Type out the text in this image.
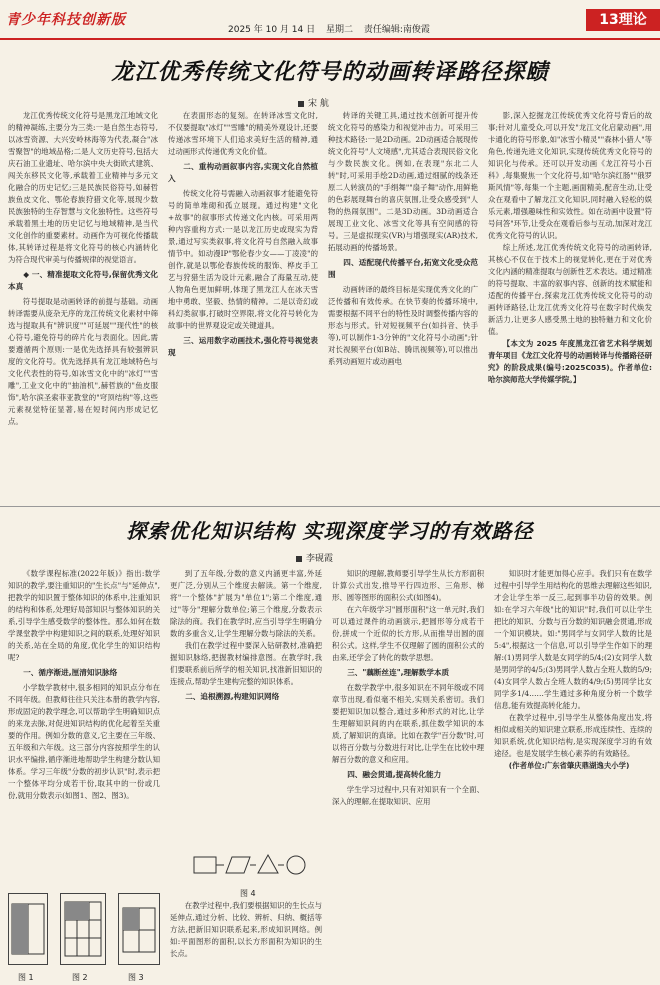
青少年科技创新版
2025 年 10 月 14 日 星期二 责任编辑:南俊霞
13理论
龙江优秀传统文化符号的动画转译路径探赜
宋 航

龙江优秀传统文化符号是黑龙江地域文化的精神凝练,主要分为三类:一是自然生态符号,以冰雪资源、大兴安岭林海等为代表,凝合"冰雪聚智"的地域品格;二是人文历史符号,包括大庆石油工业遗址、哈尔滨中央大街欧式建筑、闯关东移民文化等,承载着工业精神与多元文化融合的历史记忆;三是民族民俗符号,如赫哲族鱼皮文化、鄂伦春族狩猎文化等,展现少数民族独特的生存智慧与文化独特性。这些符号承载着黑土地的历史记忆与地域精神,是当代文化创作的重要素材。动画作为可视化传播载体,其转译过程是将文化符号的核心内涵转化为符合现代审美与传播规律的视觉语言。

◆ 一、精准提取文化符号,保留优秀文化本真

符号提取是动画转译的前提与基础。动画转译需要从庞杂无序的龙江传统文化素材中筛选与提取具有"辨识度""可延展""现代性"的核心符号,避免符号的碎片化与表面化。因此,需要遵循两个原则:一是优先选择具有较强辨识度的文化符号。优先选择具有龙江地域特色与文化代表性的符号,如冰雪文化中的"冰灯""雪雕",工业文化中的"抽油机",赫哲族的"鱼皮服饰",哈尔滨圣索菲亚教堂的"穹顶结构"等,这些元素视觉特征显著,易在短时间内形成记忆点。

在表面形态的复刻。在转译冰雪文化时,不仅要提取"冰灯""雪雕"的精美外观设计,还要传递冰雪环境下人们追求美好生活的精神,通过动画形式传递优秀文化价值。

二、重构动画叙事内容,实现文化自然植入

传统文化符号需融入动画叙事才能避免符号的简单堆砌和孤立展现。通过构建"文化+故事"的叙事形式传递文化内核。可采用两种内容重构方式:一是以龙江历史或现实为背景,通过写实类叙事,将文化符号自然融入故事情节中。如动漫IP"鄂伦春少女——丁凌凌"的创作,就是以鄂伦春族传统的服饰、桦皮手工艺与狩猎生活为设计元素,融合了海量互动,使人物角色更加鲜明,体现了黑龙江人在冰天雪地中勇敢、坚毅、热情的精神。二是以奇幻或科幻类叙事,打破时空界限,将文化符号转化为故事中的世界观设定或关键道具。

三、运用数字动画技术,强化符号视觉表现

转译的关键工具,通过技术创新可提升传统文化符号的感染力和视觉冲击力。可采用三种技术路径:一是2D动画。2D动画适合展现传统文化符号"人文境感",尤其适合表现民俗文化与少数民族文化。例如,在表现"东北二人转"时,可采用手绘2D动画,通过细腻的线条还原二人转演员的"手绢舞""扇子舞"动作,用鲜艳的色彩展现舞台的喜庆氛围,让受众感受到"人物的热闹氛围"。二是3D动画。3D动画适合展现工业文化、冰雪文化等具有空间感的符号。三是虚拟现实(VR)与增强现实(AR)技术,拓展动画的传播场景。

四、适配现代传播平台,拓宽文化受众范围

动画转译的最终目标是实现优秀文化的广泛传播和有效传承。在快节奏的传播环境中,需要根据不同平台的特性及时调整传播内容的形态与形式。针对短视频平台(如抖音、快手等),可以制作1-3分钟的"文化符号小动画";针对长视频平台(如B站、腾讯视频等),可以推出系列动画短片或动画电

影,深入挖掘龙江传统优秀文化符号背后的故事;针对儿童受众,可以开发"龙江文化启蒙动画",用卡通化的符号形象,如"冰雪小精灵""森林小猎人"等角色,传递先进文化知识,实现传统优秀文化符号的知识化与传承。还可以开发动画《龙江符号小百科》,每集聚焦一个文化符号,如"哈尔滨红肠""俄罗斯风情"等,每集一个主题,画面精美,配音生动,让受众在观看中了解龙江文化知识,同时融入轻松的娱乐元素,增强趣味性和实效性。如在动画中设置"符号问答"环节,让受众在观看后参与互动,加深对龙江优秀文化符号的认识。

综上所述,龙江优秀传统文化符号的动画转译,其核心不仅在于技术上的视觉转化,更在于对优秀文化内涵的精准提取与创新性艺术表达。通过精准的符号提取、丰富的叙事内容、创新的技术赋能和适配的传播平台,探索龙江优秀传统文化符号的动画转译路径,让龙江优秀文化符号在数字时代焕发新活力,让更多人感受黑土地的独特魅力和文化价值。

【本文为 2025 年度黑龙江省艺术科学规划青年项目《龙江文化符号的动画转译与传播路径研究》的阶段成果(编号:2025C035)。作者单位:哈尔滨师范大学传媒学院。】

探索优化知识结构 实现深度学习的有效路径
李砚霞

《数学课程标准(2022年版)》指出:数学知识的教学,要注重知识的"生长点"与"延伸点",把教学的知识置于整体知识的体系中,注重知识的结构和体系,处理好局部知识与整体知识的关系,引导学生感受数学的整体性。那么如何在数学课堂教学中构建知识之间的联系,处理好知识的关系,站在全局的角度,优化学生的知识结构呢?

一、循序渐进,厘清知识脉络

小学数学教材中,很多相同的知识点分布在不同年级。但教师往往只关注本册的教学内容,形成固定的教学理念,可以帮助学生明确知识点的来龙去脉,对促进知识结构的优化起着至关重要的作用。例如分数的意义,它主要在三年级、五年级和六年级。这三部分内容按照学生的认识水平编排,循序渐进地帮助学生构建分数认知体系。学习三年级"分数的初步认识"时,表示把一个整体平均分成若干份,取其中的一份或几份,就用分数表示(如图1、图2、图3)。

图 1	图 2	图 3

到了五年级,分数的意义内涵更丰富,外延更广泛,分别从三个维度去解读。第一个维度,将"一个整体"扩展为"单位1";第二个维度,通过"等分"理解分数单位;第三个维度,分数表示除法的商。我们在教学时,应当引导学生明确分数的多重含义,让学生理解分数与除法的关系。

我们在教学过程中要深入钻研教材,准确把握知识脉络,把握教材编排意图。在教学时,我们要联系前后所学的相关知识,找准新旧知识的连接点,帮助学生建构完整的知识体系。

二、追根溯源,构建知识网络
图 4

在教学过程中,我们要根据知识的生长点与延伸点,通过分析、比较、辨析、归纳、概括等方法,把新旧知识联系起来,形成知识网络。例如:平面图形的面积,以长方形面积为知识的生长点。

知识的理解,教师要引导学生从长方形面积计算公式出发,推导平行四边形、三角形、梯形、圆等图形的面积公式(如图4)。

在六年级学习"圆形面积"这一单元时,我们可以通过课件的动画演示,把圆形等分成若干份,拼成一个近似的长方形,从而推导出圆的面积公式。这样,学生不仅理解了圆的面积公式的由来,还学会了转化的数学思想。

三、"藕断丝连",理解数学本质

在数学教学中,很多知识在不同年级或不同章节出现,看似毫不相关,实则关系密切。我们要把知识加以整合,通过多种形式的对比,让学生理解知识间的内在联系,抓住数学知识的本质,了解知识的真谛。比如在教学"百分数"时,可以将百分数与分数进行对比,让学生在比较中理解百分数的意义和应用。

四、融会贯通,提高转化能力

学生学习过程中,只有对知识有一个全面、深入的理解,在提取知识、应用

知识时才能更加得心应手。我们只有在数学过程中引导学生用结构化的思维去理解这些知识,才会让学生举一反三,起到事半功倍的效果。例如:在学习六年级"比的知识"时,我们可以让学生把比的知识、分数与百分数的知识融会贯通,形成一个知识模块。如:"男同学与女同学人数的比是5:4",根据这一个信息,可以引导学生作如下的理解:(1)男同学人数是女同学的5/4;(2)女同学人数是男同学的4/5;(3)男同学人数占全班人数的5/9;(4)女同学人数占全班人数的4/9;(5)男同学比女同学多1/4……学生通过多种角度分析一个数学信息,能有效提高转化能力。

在教学过程中,引导学生从整体角度出发,将相似或相关的知识建立联系,形成连续性、连续的知识系统,优化知识结构,是实现深度学习的有效途径。也是发展学生核心素养的有效路径。

(作者单位:广东省肇庆鼎湖逸夫小学)
